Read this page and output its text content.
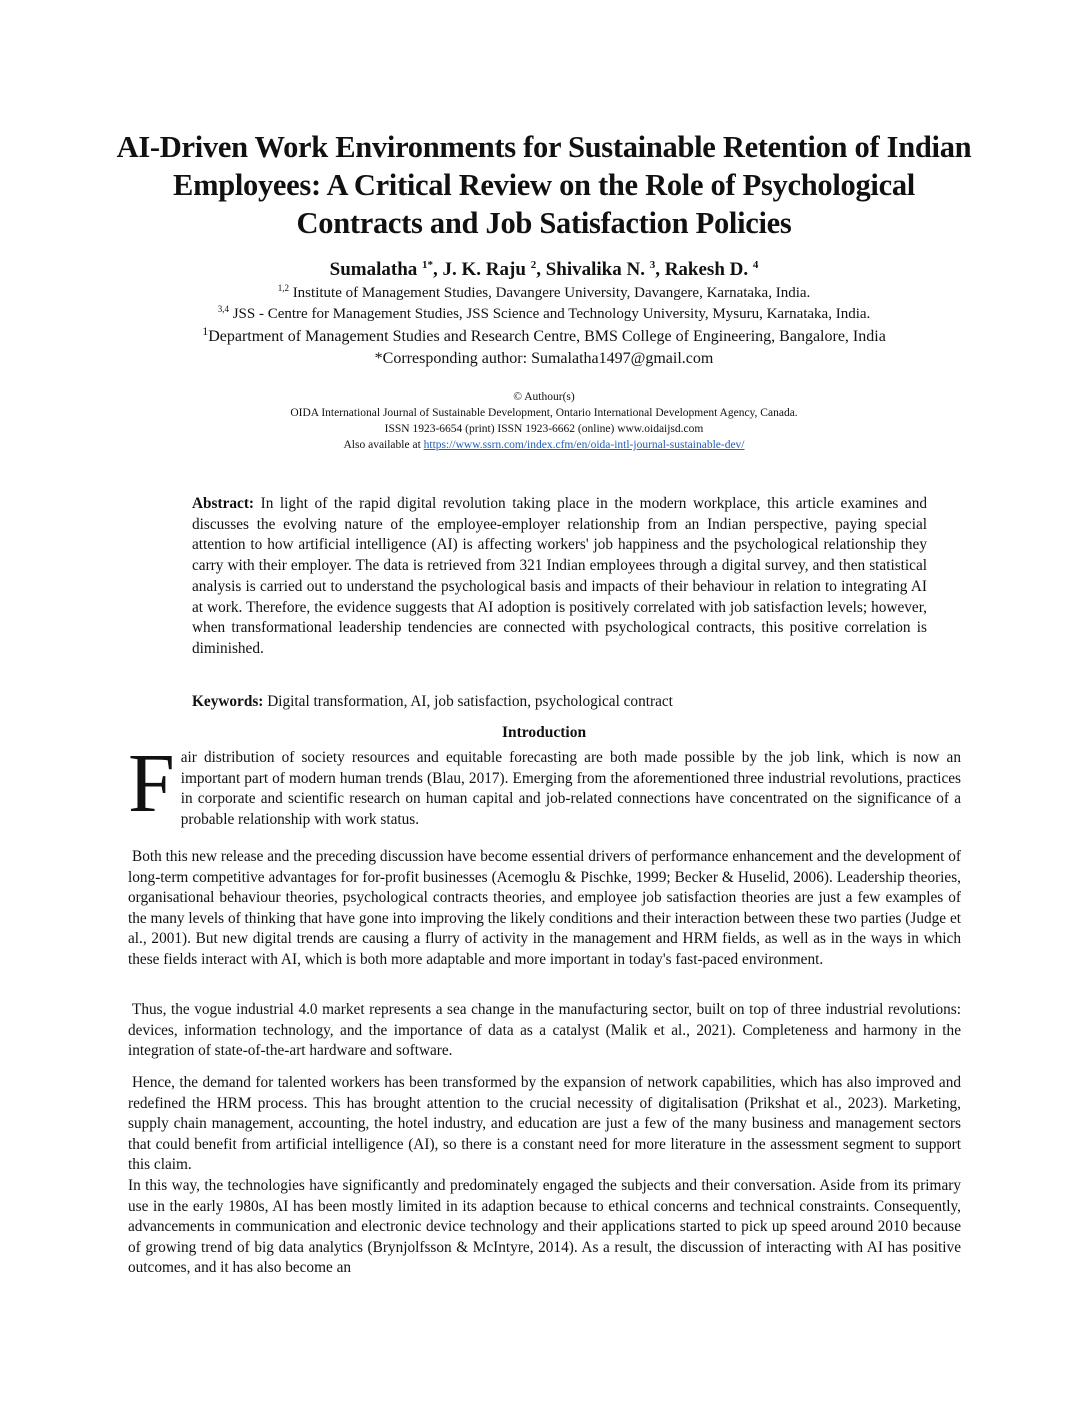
AI-Driven Work Environments for Sustainable Retention of Indian Employees: A Critical Review on the Role of Psychological Contracts and Job Satisfaction Policies
Sumalatha $^{1*}$, J. K. Raju $^2$, Shivalika N. $^3$, Rakesh D. $^4$
$^{1,2}$ Institute of Management Studies, Davangere University, Davangere, Karnataka, India.
$^{3,4}$ JSS - Centre for Management Studies, JSS Science and Technology University, Mysuru, Karnataka, India.
$^1$Department of Management Studies and Research Centre, BMS College of Engineering, Bangalore, India
*Corresponding author: Sumalatha1497@gmail.com
© Authour(s)
OIDA International Journal of Sustainable Development, Ontario International Development Agency, Canada.
ISSN 1923-6654 (print) ISSN 1923-6662 (online) www.oidaijsd.com
Also available at https://www.ssrn.com/index.cfm/en/oida-intl-journal-sustainable-dev/
Abstract: In light of the rapid digital revolution taking place in the modern workplace, this article examines and discusses the evolving nature of the employee-employer relationship from an Indian perspective, paying special attention to how artificial intelligence (AI) is affecting workers' job happiness and the psychological relationship they carry with their employer. The data is retrieved from 321 Indian employees through a digital survey, and then statistical analysis is carried out to understand the psychological basis and impacts of their behaviour in relation to integrating AI at work. Therefore, the evidence suggests that AI adoption is positively correlated with job satisfaction levels; however, when transformational leadership tendencies are connected with psychological contracts, this positive correlation is diminished.
Keywords: Digital transformation, AI, job satisfaction, psychological contract
Introduction
Fair distribution of society resources and equitable forecasting are both made possible by the job link, which is now an important part of modern human trends (Blau, 2017). Emerging from the aforementioned three industrial revolutions, practices in corporate and scientific research on human capital and job-related connections have concentrated on the significance of a probable relationship with work status.
Both this new release and the preceding discussion have become essential drivers of performance enhancement and the development of long-term competitive advantages for for-profit businesses (Acemoglu & Pischke, 1999; Becker & Huselid, 2006). Leadership theories, organisational behaviour theories, psychological contracts theories, and employee job satisfaction theories are just a few examples of the many levels of thinking that have gone into improving the likely conditions and their interaction between these two parties (Judge et al., 2001). But new digital trends are causing a flurry of activity in the management and HRM fields, as well as in the ways in which these fields interact with AI, which is both more adaptable and more important in today's fast-paced environment.
Thus, the vogue industrial 4.0 market represents a sea change in the manufacturing sector, built on top of three industrial revolutions: devices, information technology, and the importance of data as a catalyst (Malik et al., 2021). Completeness and harmony in the integration of state-of-the-art hardware and software.
Hence, the demand for talented workers has been transformed by the expansion of network capabilities, which has also improved and redefined the HRM process. This has brought attention to the crucial necessity of digitalisation (Prikshat et al., 2023). Marketing, supply chain management, accounting, the hotel industry, and education are just a few of the many business and management sectors that could benefit from artificial intelligence (AI), so there is a constant need for more literature in the assessment segment to support this claim.
In this way, the technologies have significantly and predominately engaged the subjects and their conversation. Aside from its primary use in the early 1980s, AI has been mostly limited in its adaption because to ethical concerns and technical constraints. Consequently, advancements in communication and electronic device technology and their applications started to pick up speed around 2010 because of growing trend of big data analytics (Brynjolfsson & McIntyre, 2014). As a result, the discussion of interacting with AI has positive outcomes, and it has also become an
